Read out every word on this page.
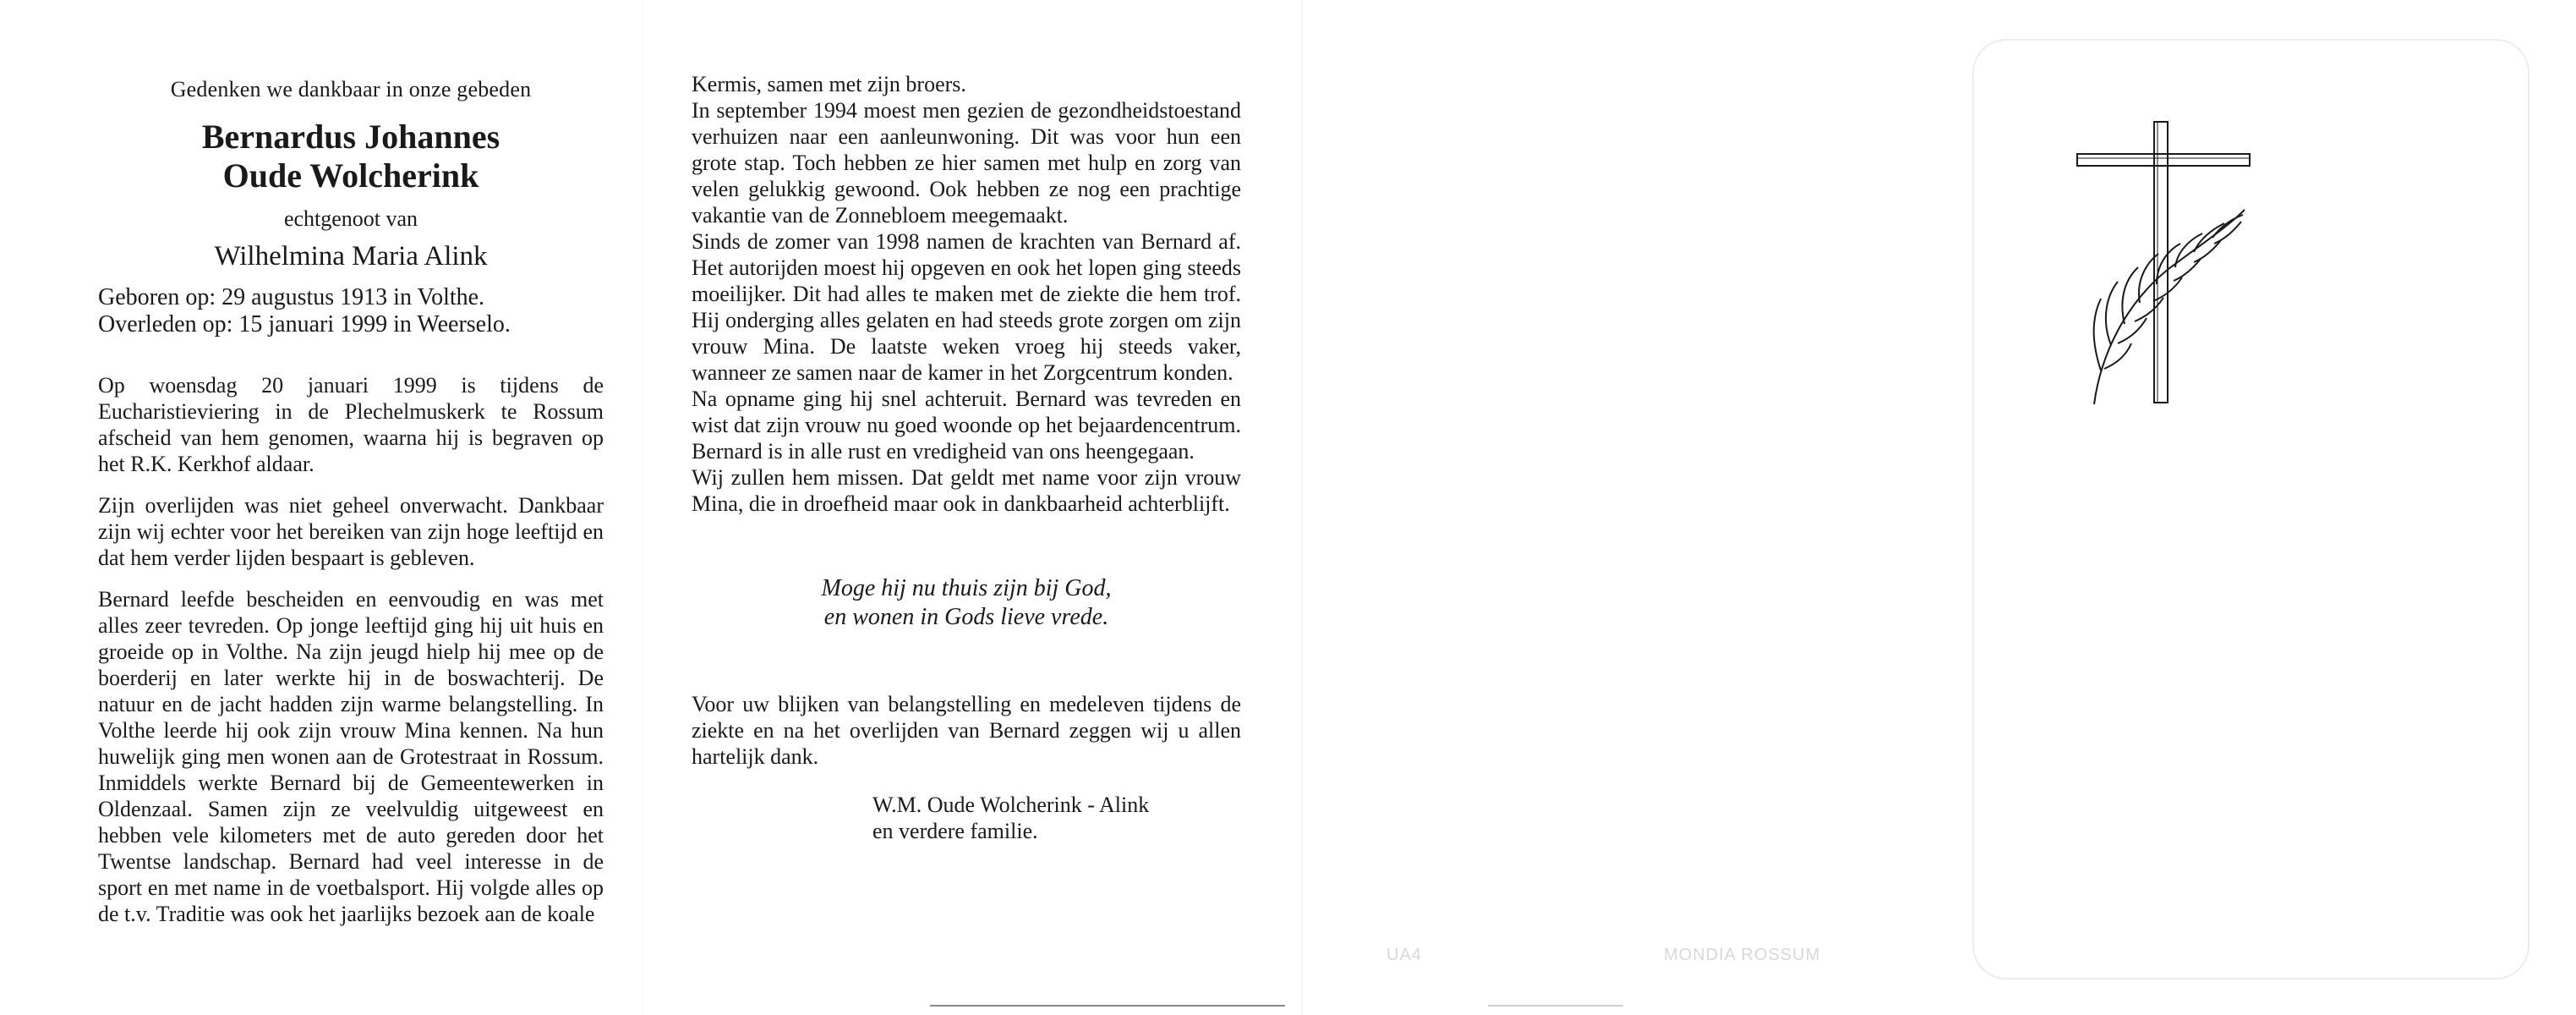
Gedenken we dankbaar in onze gebeden
Bernardus Johannes
Oude Wolcherink
echtgenoot van
Wilhelmina Maria Alink
Geboren op: 29 augustus 1913 in Volthe.
Overleden op: 15 januari 1999 in Weerselo.

Op woensdag 20 januari 1999 is tijdens de Eucharistieviering in de Plechelmuskerk te Rossum afscheid van hem genomen, waarna hij is begraven op het R.K. Kerkhof aldaar.

Zijn overlijden was niet geheel onverwacht. Dankbaar zijn wij echter voor het bereiken van zijn hoge leeftijd en dat hem verder lijden bespaart is gebleven.

Bernard leefde bescheiden en eenvoudig en was met alles zeer tevreden. Op jonge leeftijd ging hij uit huis en groeide op in Volthe. Na zijn jeugd hielp hij mee op de boerderij en later werkte hij in de boswachterij. De natuur en de jacht hadden zijn warme belangstelling. In Volthe leerde hij ook zijn vrouw Mina kennen. Na hun huwelijk ging men wonen aan de Grotestraat in Rossum. Inmiddels werkte Bernard bij de Gemeentewerken in Oldenzaal. Samen zijn ze veelvuldig uitgeweest en hebben vele kilometers met de auto gereden door het Twentse landschap. Bernard had veel interesse in de sport en met name in de voetbalsport. Hij volgde alles op de t.v. Traditie was ook het jaarlijks bezoek aan de koale

Kermis, samen met zijn broers.
In september 1994 moest men gezien de gezondheidstoestand verhuizen naar een aanleunwoning. Dit was voor hun een grote stap. Toch hebben ze hier samen met hulp en zorg van velen gelukkig gewoond. Ook hebben ze nog een prachtige vakantie van de Zonnebloem meegemaakt.
Sinds de zomer van 1998 namen de krachten van Bernard af. Het autorijden moest hij opgeven en ook het lopen ging steeds moeilijker. Dit had alles te maken met de ziekte die hem trof. Hij onderging alles gelaten en had steeds grote zorgen om zijn vrouw Mina. De laatste weken vroeg hij steeds vaker, wanneer ze samen naar de kamer in het Zorgcentrum konden.
Na opname ging hij snel achteruit. Bernard was tevreden en wist dat zijn vrouw nu goed woonde op het bejaardencentrum. Bernard is in alle rust en vredigheid van ons heengegaan.
Wij zullen hem missen. Dat geldt met name voor zijn vrouw Mina, die in droefheid maar ook in dankbaarheid achterblijft.
Moge hij nu thuis zijn bij God,
en wonen in Gods lieve vrede.
Voor uw blijken van belangstelling en medeleven tijdens de ziekte en na het overlijden van Bernard zeggen wij u allen hartelijk dank.
W.M. Oude Wolcherink - Alink
en verdere familie.
UA4	MONDIA ROSSUM
